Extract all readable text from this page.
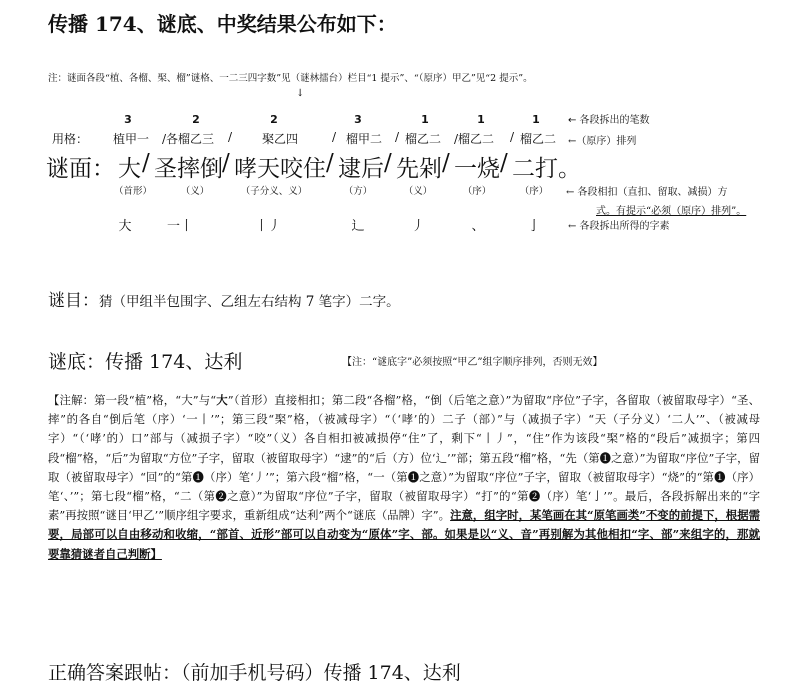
传播 174、谜底、中奖结果公布如下：
注：谜面各段“植、各榴、棸、榴”谜格、一二三四字数”见（谜林擂台）栏目“1 提示”、“（原序）甲乙”见“2 提示”。
↓
3	2	2	3	1	1	1	← 各段拆出的笔数
用格： 植甲一 /各榴乙三 / 棸乙四	/ 榴甲二 / 榴乙二 /榴乙二 / 榴乙二 ←（原序）排列
谜面： 大 / 圣摔倒 / 哮天咬住 / 逮后 / 先剁 / 一烧 / 二打。
（首形）	（义）	（子分义、义）	（方）	（义）	（序）	（序） ← 各段相扣（直扣、留取、减损）方
式。有提示“必须（原序）排列”。
大	一丨	丨丿	辶	丿	、	亅	← 各段拆出所得的字素
谜目：猜（甲组半包围字、乙组左右结构 7 笔字）二字。
谜底：传播 174、达利	【注：“谜底字”必须按照“甲乙”组字顺序排列，否则无效】
【注解：第一段“植”格，“大”与“大”（首形）直接相扣；第二段“各榴”格，“倒（后笔之意）”为留取“序位”子字，各留取（被留取母字）“圣、摔”的各自“倒后笔（序）‘一丨’”；第三段“棸”格，（被减母字）“（‘哮’的）二子（部）”与（减损子字）“天（子分义）‘二人’”、（被减母字）“（‘哮’的）口”部与（减损子字）“咬”（义）各自相扣被减损停“住”了，剩下“丨丿”，“住”作为该段“棸”格的“段后”减损字；第四段“榴”格，“后”为留取“方位”子字，留取（被留取母字）“逮”的“后（方）位‘辶’”部；第五段“榴”格，“先（第❶之意）”为留取“序位”子字，留取（被留取母字）“回”的“第❶（序）笔‘丿’”；第六段“榴”格，“一（第❶之意）”为留取“序位”子字，留取（被留取母字）“烧”的“第❶（序）笔‘、’”；第七段“榴”格，“二（第❷之意）”为留取“序位”子字，留取（被留取母字）“打”的“第❷（序）笔‘亅’”。最后，各段拆解出来的“字素”再按照“谜目‘甲乙’”顺序组字要求，重新组成“达利”两个“谜底（品牌）字”。注意，组字时，某笔画在其“原笔画类”不变的前提下，根据需要，局部可以自由移动和收缩，“部首、近形”部可以自动变为“原体”字、部。如果是以“义、音”再别解为其他相扣“字、部”来组字的，那就要靠猜谜者自己判断】
正确答案跟帖：（前加手机号码）传播 174、达利
